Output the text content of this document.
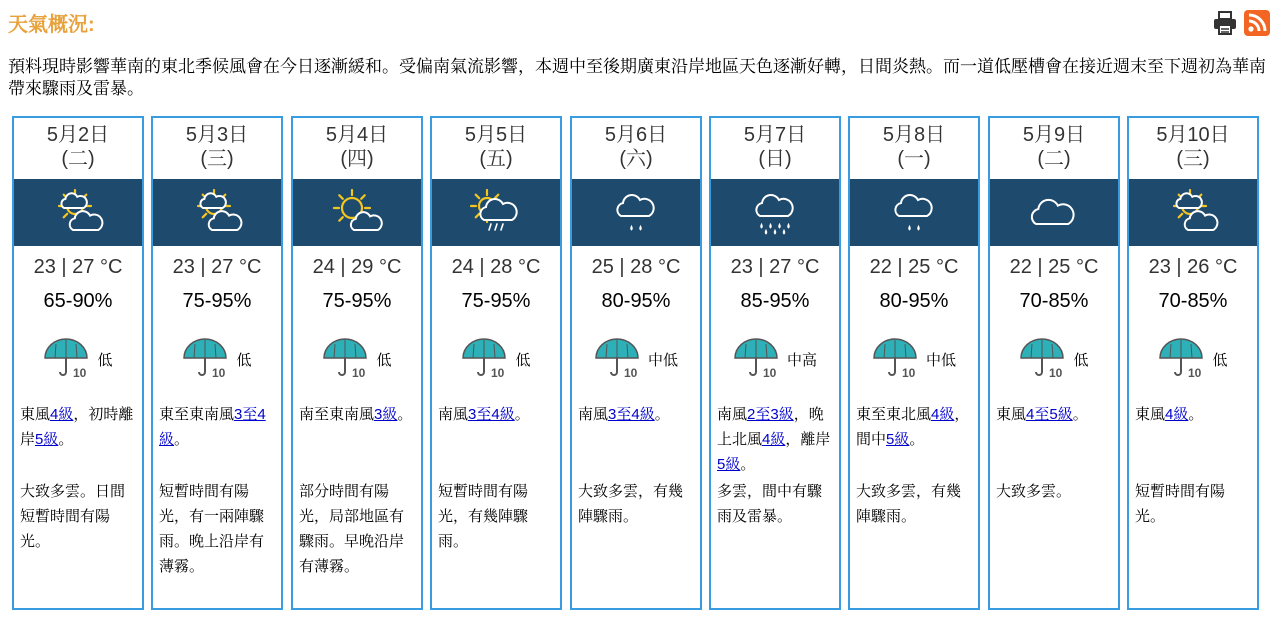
天氣概況:
預料現時影響華南的東北季候風會在今日逐漸緩和。受偏南氣流影響，本週中至後期廣東沿岸地區天色逐漸好轉，日間炎熱。而一道低壓槽會在接近週末至下週初為華南帶來驟雨及雷暴。
5月2日
(二)
23 | 27 °C
65-90%
10
低
東風4級，初時離岸5級。
大致多雲。日間短暫時間有陽光。
5月3日
(三)
23 | 27 °C
75-95%
10
低
東至東南風3至4級。
短暫時間有陽光，有一兩陣驟雨。晚上沿岸有薄霧。
5月4日
(四)
24 | 29 °C
75-95%
10
低
南至東南風3級。
部分時間有陽光，局部地區有驟雨。早晚沿岸有薄霧。
5月5日
(五)
24 | 28 °C
75-95%
10
低
南風3至4級。
短暫時間有陽光，有幾陣驟雨。
5月6日
(六)
25 | 28 °C
80-95%
10
中低
南風3至4級。
大致多雲，有幾陣驟雨。
5月7日
(日)
23 | 27 °C
85-95%
10
中高
南風2至3級，晚上北風4級，離岸5級。
多雲，間中有驟雨及雷暴。
5月8日
(一)
22 | 25 °C
80-95%
10
中低
東至東北風4級，間中5級。
大致多雲，有幾陣驟雨。
5月9日
(二)
22 | 25 °C
70-85%
10
低
東風4至5級。
大致多雲。
5月10日
(三)
23 | 26 °C
70-85%
10
低
東風4級。
短暫時間有陽光。
